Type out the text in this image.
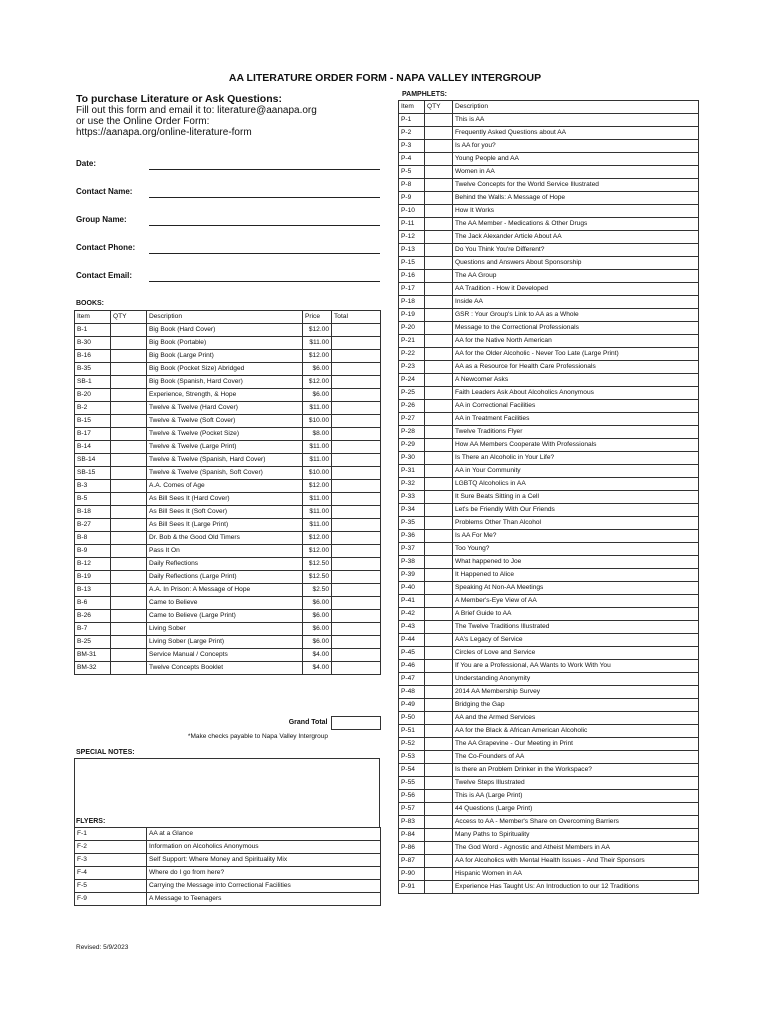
AA LITERATURE ORDER FORM - NAPA VALLEY INTERGROUP
To purchase Literature or Ask Questions:
Fill out this form and email it to: literature@aanapa.org
or use the Online Order Form:
https://aanapa.org/online-literature-form
Date:
Contact Name:
Group Name:
Contact Phone:
Contact Email:
BOOKS:
Item	QTY	Description	Price	Total
B-1		Big Book (Hard Cover)	$12.00	
B-30		Big Book (Portable)	$11.00	
B-16		Big Book (Large Print)	$12.00	
B-35		Big Book (Pocket Size) Abridged	$6.00	
SB-1		Big Book (Spanish, Hard Cover)	$12.00	
B-20		Experience, Strength, & Hope	$6.00	
B-2		Twelve & Twelve (Hard Cover)	$11.00	
B-15		Twelve & Twelve (Soft Cover)	$10.00	
B-17		Twelve & Twelve (Pocket Size)	$8.00	
B-14		Twelve & Twelve (Large Print)	$11.00	
SB-14		Twelve & Twelve (Spanish, Hard Cover)	$11.00	
SB-15		Twelve & Twelve (Spanish, Soft Cover)	$10.00	
B-3		A.A. Comes of Age	$12.00	
B-5		As Bill Sees It (Hard Cover)	$11.00	
B-18		As Bill Sees It (Soft Cover)	$11.00	
B-27		As Bill Sees It (Large Print)	$11.00	
B-8		Dr. Bob & the Good Old Timers	$12.00	
B-9		Pass It On	$12.00	
B-12		Daily Reflections	$12.50	
B-19		Daily Reflections (Large Print)	$12.50	
B-13		A.A. In Prison: A Message of Hope	$2.50	
B-6		Came to Believe	$6.00	
B-26		Came to Believe (Large Print)	$6.00	
B-7		Living Sober	$6.00	
B-25		Living Sober (Large Print)	$6.00	
BM-31		Service Manual / Concepts	$4.00	
BM-32		Twelve Concepts Booklet	$4.00	
Grand Total	
*Make checks payable to Napa Valley Intergroup
SPECIAL NOTES:
FLYERS:
F-1	AA at a Glance
F-2	Information on Alcoholics Anonymous
F-3	Self Support: Where Money and Spirituality Mix
F-4	Where do I go from here?
F-5	Carrying the Message into Correctional Facilities
F-9	A Message to Teenagers
Revised: 5/9/2023
PAMPHLETS:
Item	QTY	Description
P-1		This is AA
P-2		Frequently Asked Questions about AA
P-3		Is AA for you?
P-4		Young People and AA
P-5		Women in AA
P-8		Twelve Concepts for the World Service Illustrated
P-9		Behind the Walls: A Message of Hope
P-10		How It Works
P-11		The AA Member - Medications & Other Drugs
P-12		The Jack Alexander Article About AA
P-13		Do You Think You're Different?
P-15		Questions and Answers About Sponsorship
P-16		The AA Group
P-17		AA Tradition - How it Developed
P-18		Inside AA
P-19		GSR : Your Group's Link to AA as a Whole
P-20		Message to the Correctional Professionals
P-21		AA for the Native North American
P-22		AA for the Older Alcoholic - Never Too Late (Large Print)
P-23		AA as a Resource for Health Care Professionals
P-24		A Newcomer Asks
P-25		Faith Leaders Ask About Alcoholics Anonymous
P-26		AA in Correctional Facilities
P-27		AA in Treatment Facilities
P-28		Twelve Traditions Flyer
P-29		How AA Members Cooperate With Professionals
P-30		Is There an Alcoholic in Your Life?
P-31		AA in Your Community
P-32		LGBTQ Alcoholics in AA
P-33		It Sure Beats Sitting in a Cell
P-34		Let's be Friendly With Our Friends
P-35		Problems Other Than Alcohol
P-36		Is AA For Me?
P-37		Too Young?
P-38		What happened to Joe
P-39		It Happened to Alice
P-40		Speaking At Non-AA Meetings
P-41		A Member's-Eye View of AA
P-42		A Brief Guide to AA
P-43		The Twelve Traditions Illustrated
P-44		AA's Legacy of Service
P-45		Circles of Love and Service
P-46		If You are a Professional, AA Wants to Work With You
P-47		Understanding Anonymity
P-48		2014 AA Membership Survey
P-49		Bridging the Gap
P-50		AA and the Armed Services
P-51		AA for the Black & African American Alcoholic
P-52		The AA Grapevine - Our Meeting in Print
P-53		The Co-Founders of AA
P-54		Is there an Problem Drinker in the Workspace?
P-55		Twelve Steps Illustrated
P-56		This is AA (Large Print)
P-57		44 Questions (Large Print)
P-83		Access to AA - Member's Share on Overcoming Barriers
P-84		Many Paths to Spirituality
P-86		The God Word - Agnostic and Atheist Members in AA
P-87		AA for Alcoholics with Mental Health Issues - And Their Sponsors
P-90		Hispanic Women in AA
P-91		Experience Has Taught Us: An Introduction to our 12 Traditions
